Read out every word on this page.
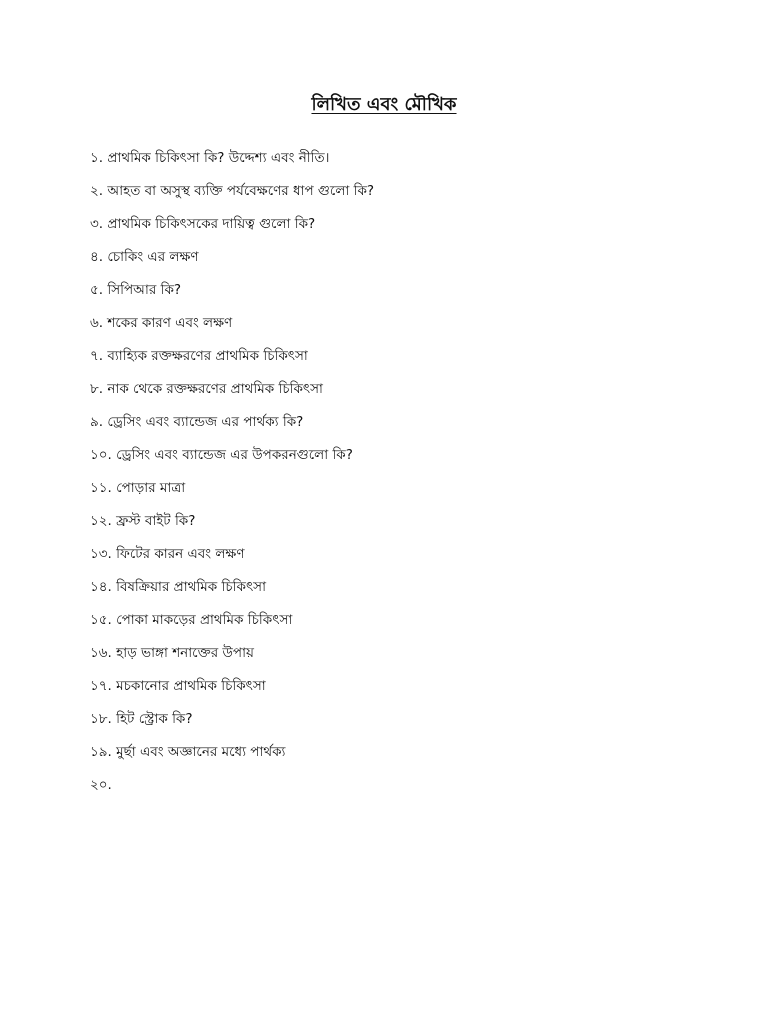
লিখিত এবং মৌখিক
১. প্রাথমিক চিকিৎসা কি? উদ্দেশ্য এবং নীতি।
২. আহত বা অসুস্থ ব্যক্তি পর্যবেক্ষণের ধাপ গুলো কি?
৩. প্রাথমিক চিকিৎসকের দায়িত্ব গুলো কি?
৪. চোকিং এর লক্ষণ
৫. সিপিআর কি?
৬. শকের কারণ এবং লক্ষণ
৭. ব্যাহ্যিক রক্তক্ষরণের প্রাথমিক চিকিৎসা
৮. নাক থেকে রক্তক্ষরণের প্রাথমিক চিকিৎসা
৯. ড্রেসিং এবং ব্যান্ডেজ এর পার্থক্য কি?
১০. ড্রেসিং এবং ব্যান্ডেজ এর উপকরনগুলো কি?
১১. পোড়ার মাত্রা
১২. ফ্রস্ট বাইট কি?
১৩. ফিটের কারন এবং লক্ষণ
১৪. বিষক্রিয়ার প্রাথমিক চিকিৎসা
১৫. পোকা মাকড়ের প্রাথমিক চিকিৎসা
১৬. হাড় ভাঙ্গা শনাক্তের উপায়
১৭. মচকানোর প্রাথমিক চিকিৎসা
১৮. হিট স্ট্রোক কি?
১৯. মুর্ছা এবং অজ্ঞানের মধ্যে পার্থক্য
২০.
